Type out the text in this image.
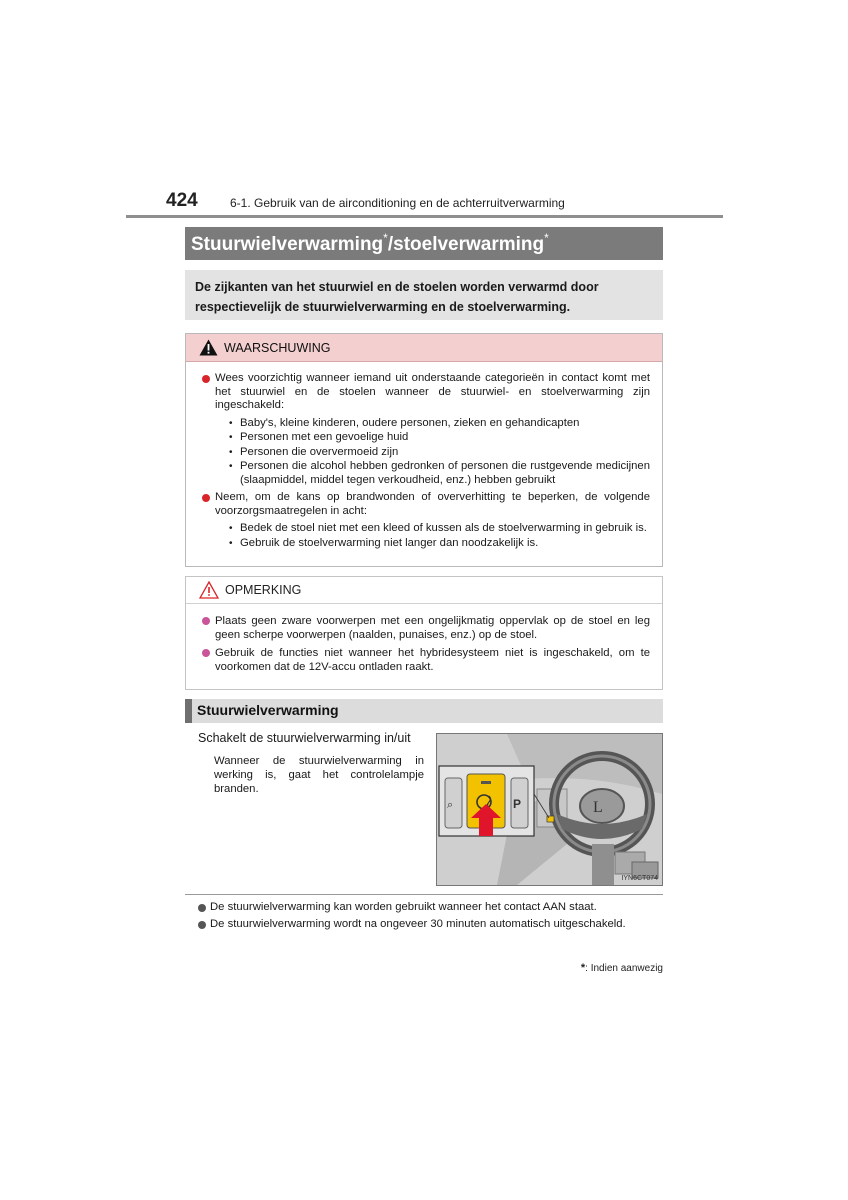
424	6-1. Gebruik van de airconditioning en de achterruitverwarming
Stuurwielverwarming*/stoelverwarming*
De zijkanten van het stuurwiel en de stoelen worden verwarmd door respectievelijk de stuurwielverwarming en de stoelverwarming.
WAARSCHUWING
Wees voorzichtig wanneer iemand uit onderstaande categorieën in contact komt met het stuurwiel en de stoelen wanneer de stuurwiel- en stoelverwarming zijn ingeschakeld:
• Baby's, kleine kinderen, oudere personen, zieken en gehandicapten
• Personen met een gevoelige huid
• Personen die oververmoeid zijn
• Personen die alcohol hebben gedronken of personen die rustgevende medicijnen (slaapmiddel, middel tegen verkoudheid, enz.) hebben gebruikt
Neem, om de kans op brandwonden of oververhitting te beperken, de volgende voorzorgsmaatregelen in acht:
• Bedek de stoel niet met een kleed of kussen als de stoelverwarming in gebruik is.
• Gebruik de stoelverwarming niet langer dan noodzakelijk is.
OPMERKING
Plaats geen zware voorwerpen met een ongelijkmatig oppervlak op de stoel en leg geen scherpe voorwerpen (naalden, punaises, enz.) op de stoel.
Gebruik de functies niet wanneer het hybridesysteem niet is ingeschakeld, om te voorkomen dat de 12V-accu ontladen raakt.
Stuurwielverwarming
Schakelt de stuurwielverwarming in/uit
Wanneer de stuurwielverwarming in werking is, gaat het controlelampje branden.
L
⌕	P
IYN6CT074
De stuurwielverwarming kan worden gebruikt wanneer het contact AAN staat.
De stuurwielverwarming wordt na ongeveer 30 minuten automatisch uitgeschakeld.
*: Indien aanwezig
